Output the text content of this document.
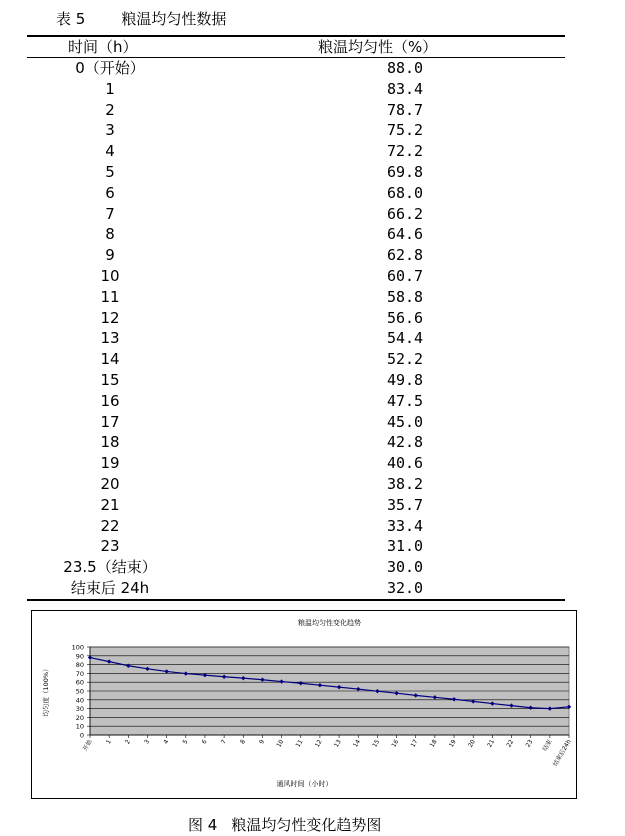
表 5 粮温均匀性数据
时间（h）	粮温均匀性（%）
0（开始）	88.0
1	83.4
2	78.7
3	75.2
4	72.2
5	69.8
6	68.0
7	66.2
8	64.6
9	62.8
10	60.7
11	58.8
12	56.6
13	54.4
14	52.2
15	49.8
16	47.5
17	45.0
18	42.8
19	40.6
20	38.2
21	35.7
22	33.4
23	31.0
23.5（结束）	30.0
结束后 24h	32.0
0
10
20
30
40
50
60
70
80
90
100
开始 1 2 3 4 5 6 7 8 9 10 11 12 13 14 15 16 17 18 19 20 21 22 23 结束
结束后24h
粮温均匀性变化趋势
通风时间（小时）
均匀度（100%）
图 4 粮温均匀性变化趋势图
